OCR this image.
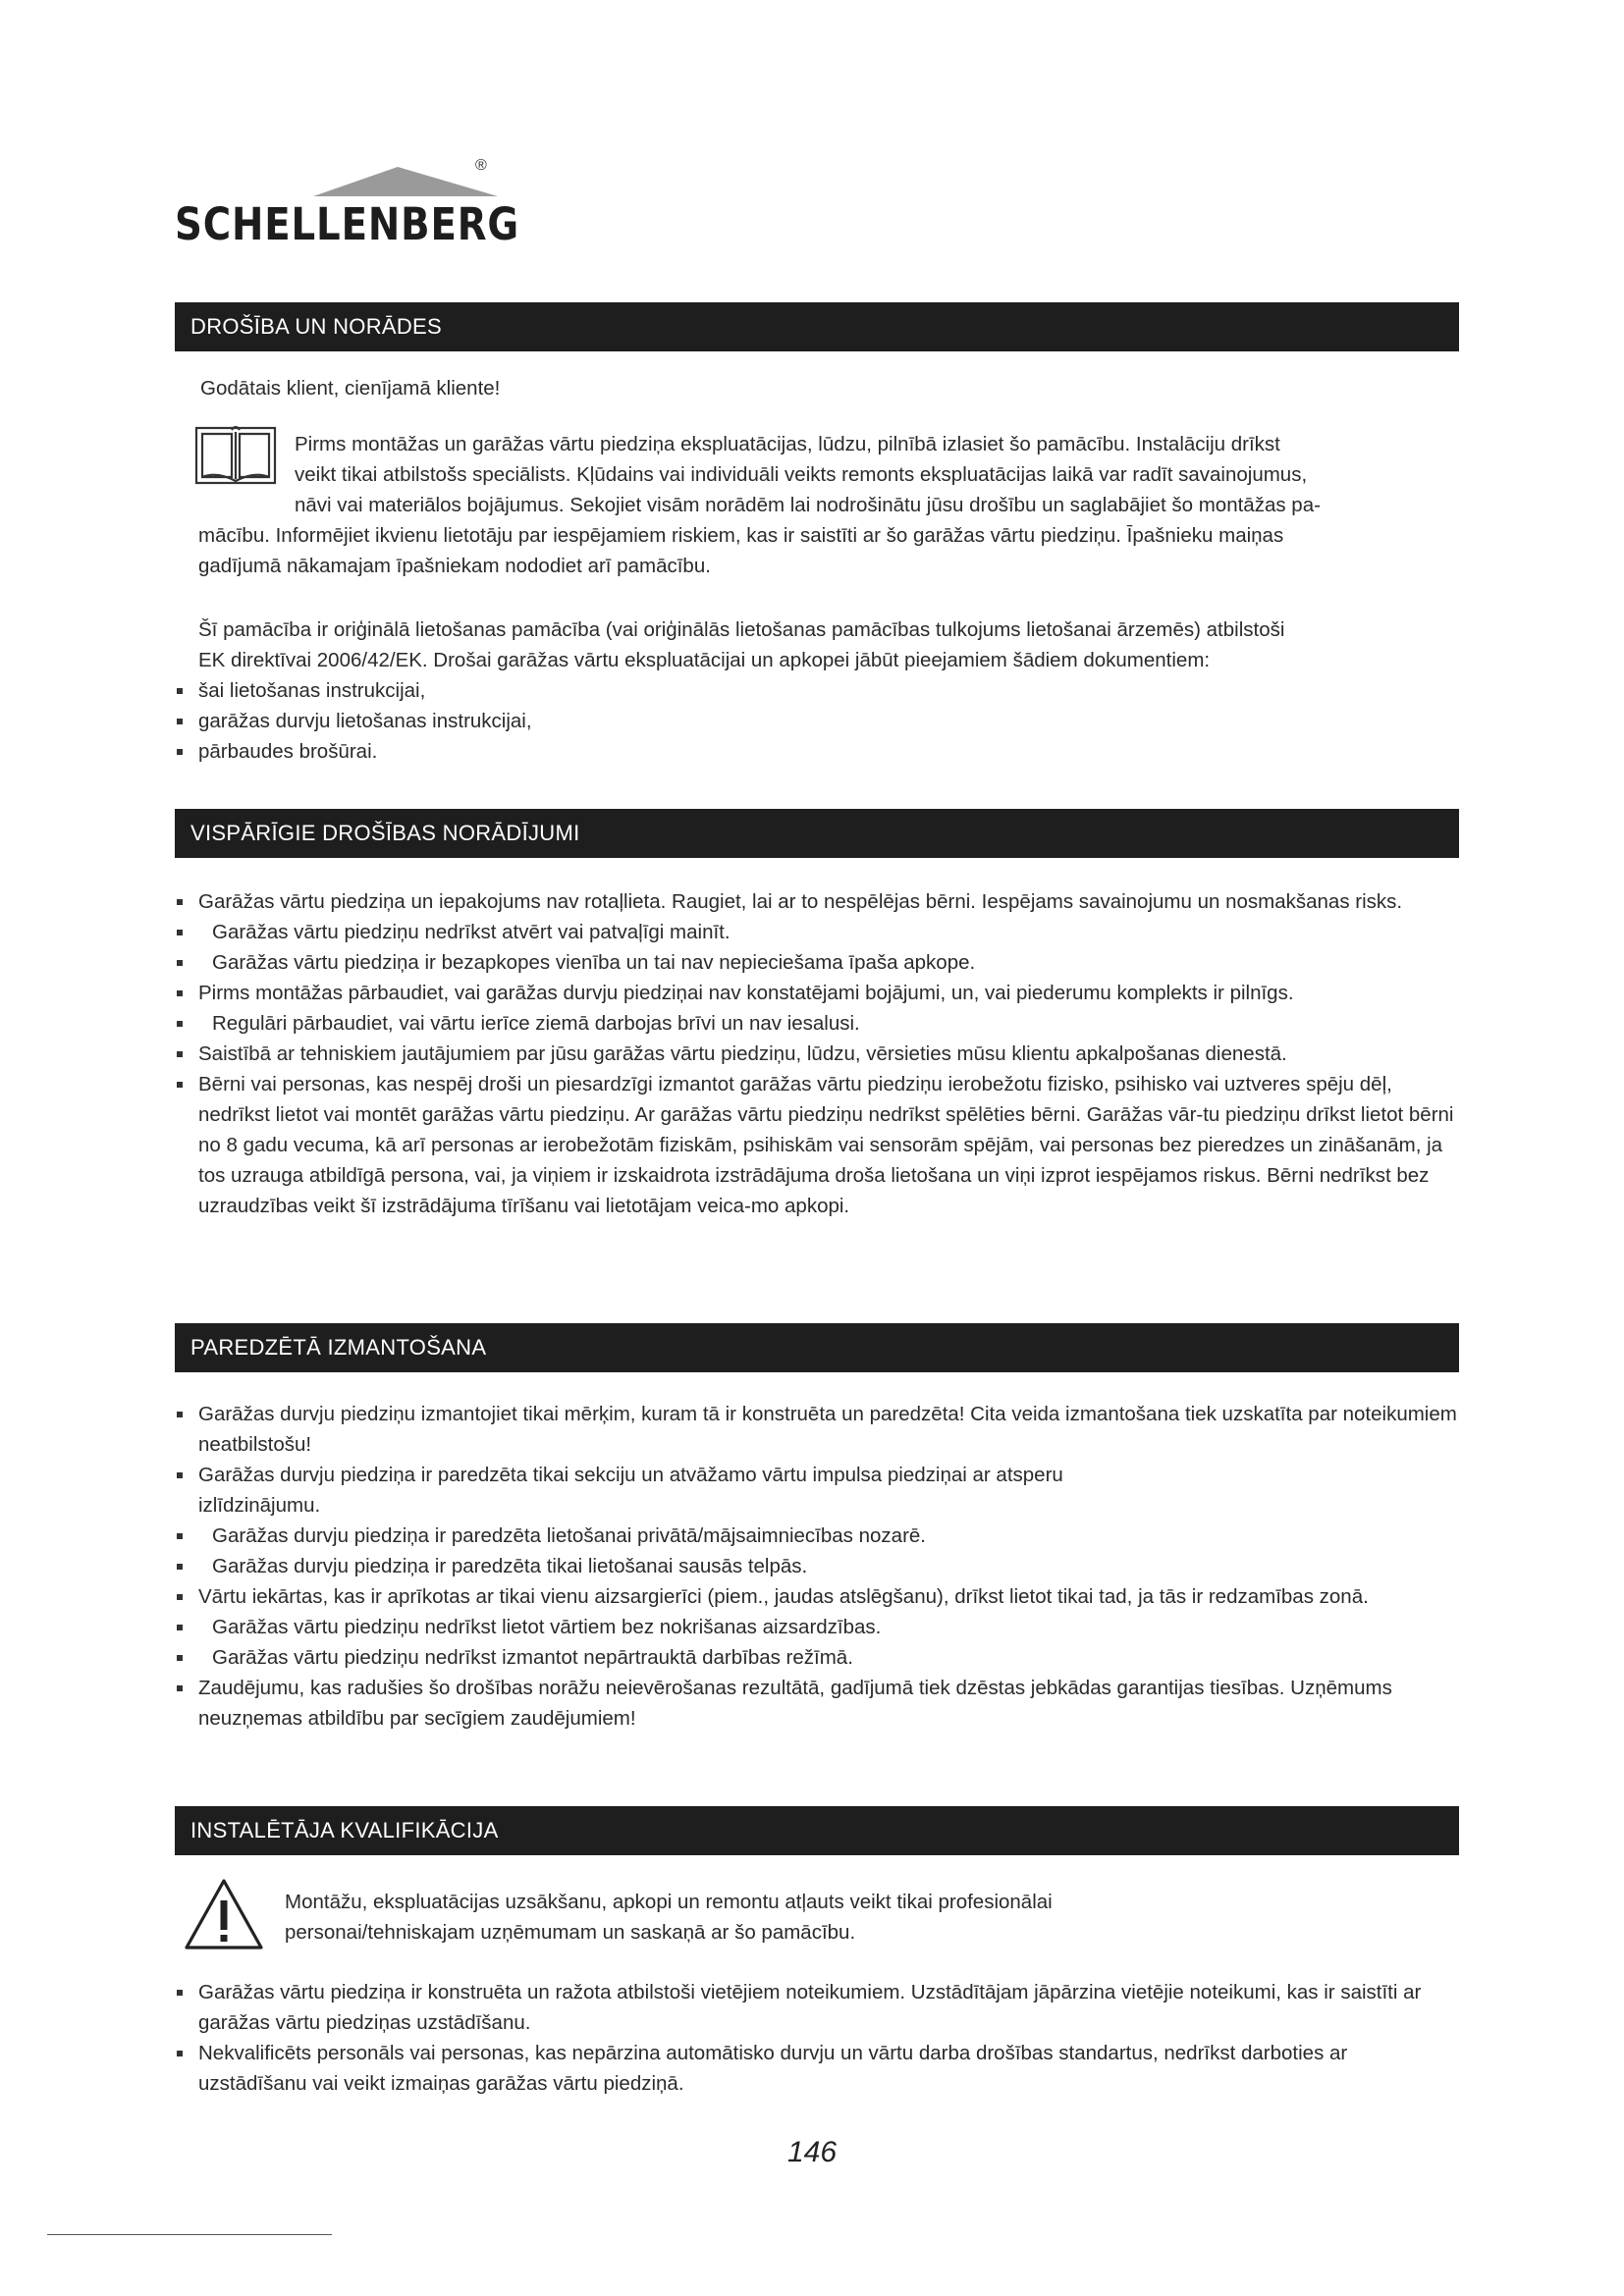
SCHELLENBERG
®
DROŠĪBA UN NORĀDES

Godātais klient, cienījamā kliente!

Pirms montāžas un garāžas vārtu piedziņa ekspluatācijas, lūdzu, pilnībā izlasiet šo pamācību. Instalāciju drīkst

veikt tikai atbilstošs speciālists. Kļūdains vai individuāli veikts remonts ekspluatācijas laikā var radīt savainojumus,

nāvi vai materiālos bojājumus. Sekojiet visām norādēm lai nodrošinātu jūsu drošību un saglabājiet šo montāžas pa-

mācību. Informējiet ikvienu lietotāju par iespējamiem riskiem, kas ir saistīti ar šo garāžas vārtu piedziņu. Īpašnieku maiņas

gadījumā nākamajam īpašniekam nododiet arī pamācību.

Šī pamācība ir oriģinālā lietošanas pamācība (vai oriģinālās lietošanas pamācības tulkojums lietošanai ārzemēs) atbilstoši

EK direktīvai 2006/42/EK. Drošai garāžas vārtu ekspluatācijai un apkopei jābūt pieejamiem šādiem dokumentiem:

šai lietošanas instrukcijai,
garāžas durvju lietošanas instrukcijai,
pārbaudes brošūrai.
VISPĀRĪGIE DROŠĪBAS NORĀDĪJUMI
Garāžas vārtu piedziņa un iepakojums nav rotaļlieta. Raugiet, lai ar to nespēlējas bērni. Iespējams savainojumu un nosmakšanas risks.
Garāžas vārtu piedziņu nedrīkst atvērt vai patvaļīgi mainīt.
Garāžas vārtu piedziņa ir bezapkopes vienība un tai nav nepieciešama īpaša apkope.
Pirms montāžas pārbaudiet, vai garāžas durvju piedziņai nav konstatējami bojājumi, un, vai piederumu komplekts ir pilnīgs.
Regulāri pārbaudiet, vai vārtu ierīce ziemā darbojas brīvi un nav iesalusi.
Saistībā ar tehniskiem jautājumiem par jūsu garāžas vārtu piedziņu, lūdzu, vērsieties mūsu klientu apkalpošanas dienestā.
Bērni vai personas, kas nespēj droši un piesardzīgi izmantot garāžas vārtu piedziņu ierobežotu fizisko, psihisko vai uztveres spēju dēļ, nedrīkst lietot vai montēt garāžas vārtu piedziņu. Ar garāžas vārtu piedziņu nedrīkst spēlēties bērni. Garāžas vār-tu piedziņu drīkst lietot bērni no 8 gadu vecuma, kā arī personas ar ierobežotām fiziskām, psihiskām vai sensorām spējām, vai personas bez pieredzes un zināšanām, ja tos uzrauga atbildīgā persona, vai, ja viņiem ir izskaidrota izstrādājuma droša lietošana un viņi izprot iespējamos riskus. Bērni nedrīkst bez uzraudzības veikt šī izstrādājuma tīrīšanu vai lietotājam veica-mo apkopi.
PAREDZĒTĀ IZMANTOŠANA
Garāžas durvju piedziņu izmantojiet tikai mērķim, kuram tā ir konstruēta un paredzēta! Cita veida izmantošana tiek uzskatīta par noteikumiem neatbilstošu!
Garāžas durvju piedziņa ir paredzēta tikai sekciju un atvāžamo vārtu impulsa piedziņai ar atsperu izlīdzinājumu.
Garāžas durvju piedziņa ir paredzēta lietošanai privātā/mājsaimniecības nozarē.
Garāžas durvju piedziņa ir paredzēta tikai lietošanai sausās telpās.
Vārtu iekārtas, kas ir aprīkotas ar tikai vienu aizsargierīci (piem., jaudas atslēgšanu), drīkst lietot tikai tad, ja tās ir redzamības zonā.
Garāžas vārtu piedziņu nedrīkst lietot vārtiem bez nokrišanas aizsardzības.
Garāžas vārtu piedziņu nedrīkst izmantot nepārtrauktā darbības režīmā.
Zaudējumu, kas radušies šo drošības norāžu neievērošanas rezultātā, gadījumā tiek dzēstas jebkādas garantijas tiesības. Uzņēmums neuzņemas atbildību par secīgiem zaudējumiem!
INSTALĒTĀJA KVALIFIKĀCIJA

Montāžu, ekspluatācijas uzsākšanu, apkopi un remontu atļauts veikt tikai profesionālai

personai/tehniskajam uzņēmumam un saskaņā ar šo pamācību.

Garāžas vārtu piedziņa ir konstruēta un ražota atbilstoši vietējiem noteikumiem. Uzstādītājam jāpārzina vietējie noteikumi, kas ir saistīti ar garāžas vārtu piedziņas uzstādīšanu.
Nekvalificēts personāls vai personas, kas nepārzina automātisko durvju un vārtu darba drošības standartus, nedrīkst darboties ar uzstādīšanu vai veikt izmaiņas garāžas vārtu piedziņā.
146
